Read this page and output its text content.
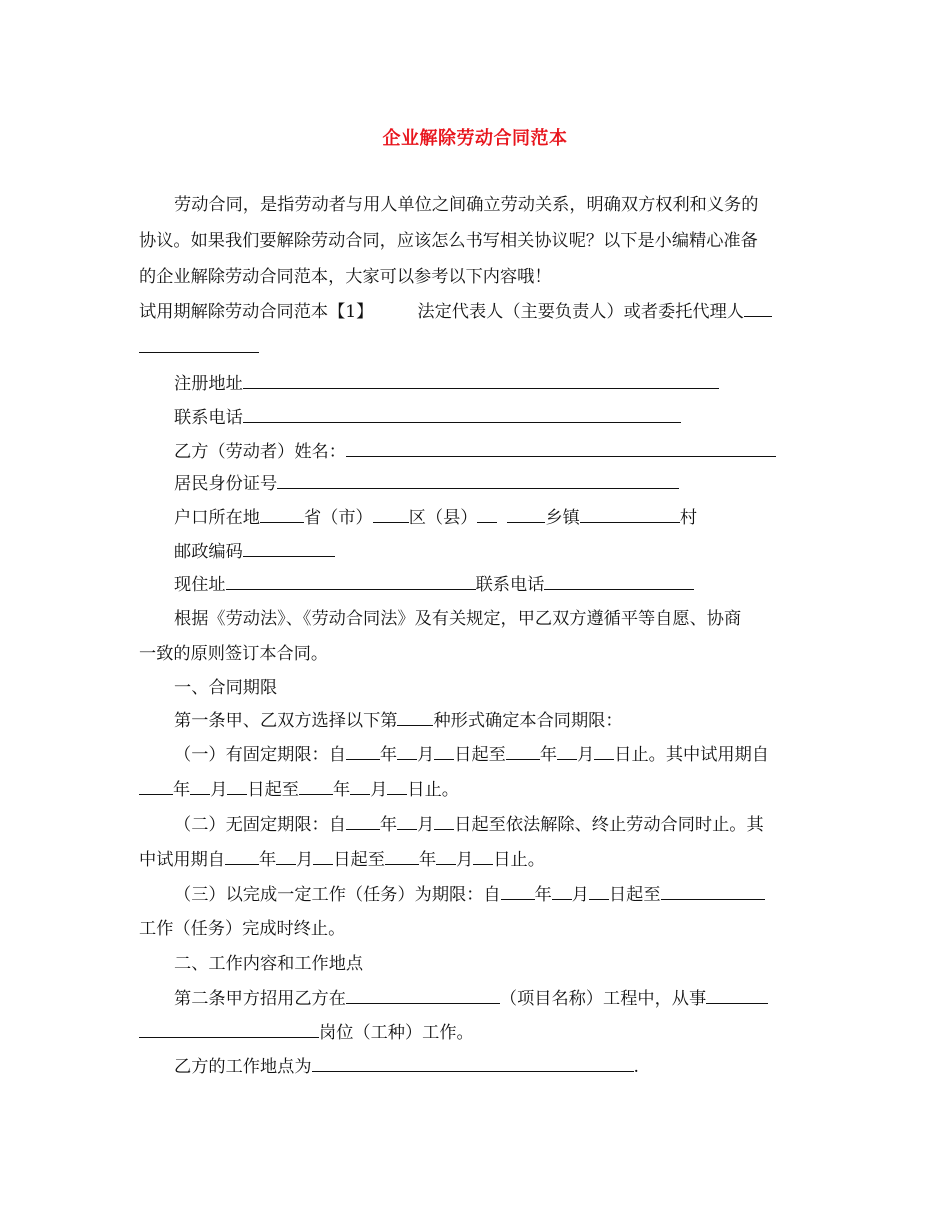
企业解除劳动合同范本
劳动合同，是指劳动者与用人单位之间确立劳动关系，明确双方权利和义务的
协议。如果我们要解除劳动合同，应该怎么书写相关协议呢？以下是小编精心准备
的企业解除劳动合同范本，大家可以参考以下内容哦！
试用期解除劳动合同范本【1】	法定代表人（主要负责人）或者委托代理人
注册地址
联系电话
乙方（劳动者）姓名：
居民身份证号
户口所在地	省（市） 区（县）	乡镇	村
邮政编码
现住址	联系电话
根据《劳动法》、《劳动合同法》及有关规定，甲乙双方遵循平等自愿、协商
一致的原则签订本合同。
一、合同期限
第一条甲、乙双方选择以下第 种形式确定本合同期限：
（一）有固定期限：自 年 月 日起至 年 月 日止。其中试用期自
年 月 日起至 年 月 日止。
（二）无固定期限：自 年 月 日起至依法解除、终止劳动合同时止。其
中试用期自 年 月 日起至 年 月 日止。
（三）以完成一定工作（任务）为期限：自 年 月 日起至
工作（任务）完成时终止。
二、工作内容和工作地点
第二条甲方招用乙方在	（项目名称）工程中，从事
岗位（工种）工作。
乙方的工作地点为	.
